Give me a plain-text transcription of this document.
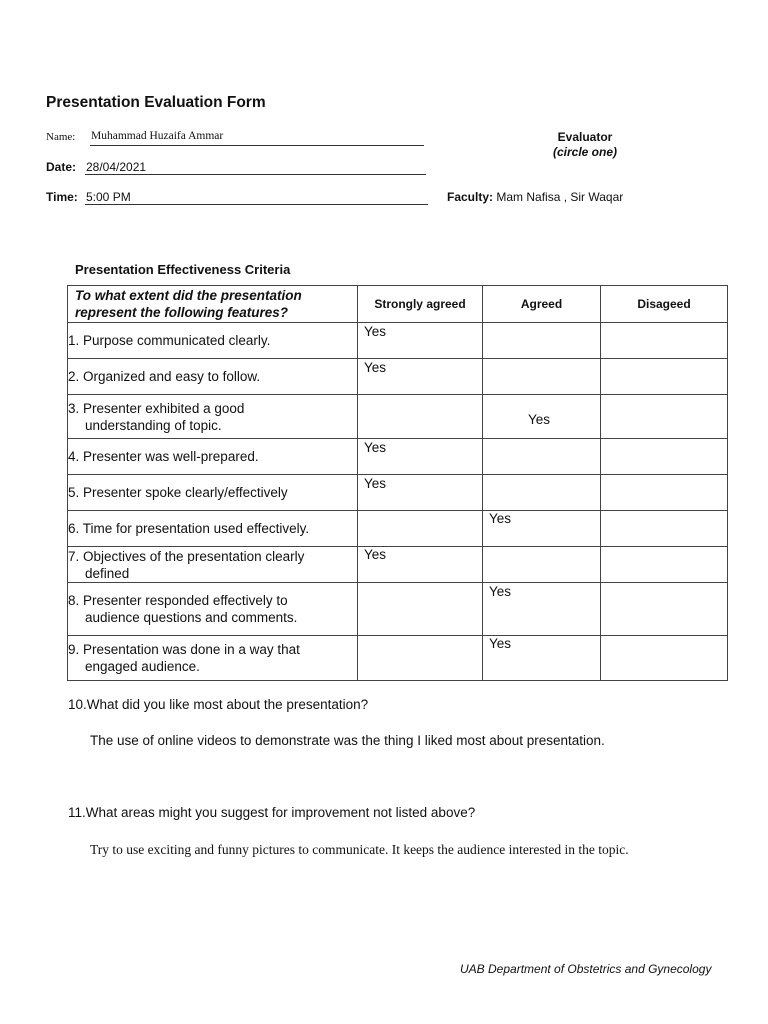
Presentation Evaluation Form
Name: Muhammad Huzaifa Ammar
Date: 28/04/2021
Time: 5:00 PM
Evaluator
(circle one)
Faculty: Mam Nafisa , Sir Waqar
Presentation Effectiveness Criteria
To what extent did the presentation represent the following features?	Strongly agreed	Agreed	Disageed
1. Purpose communicated clearly.	Yes		

2. Organized and easy to follow.	Yes		

3. Presenter exhibited a good
understanding of topic.		Yes	

4. Presenter was well-prepared.	Yes		

5. Presenter spoke clearly/effectively	Yes		

6. Time for presentation used effectively.		Yes	

7. Objectives of the presentation clearly
defined	Yes		

8. Presenter responded effectively to
audience questions and comments.		Yes	

9. Presentation was done in a way that
engaged audience.		Yes	

10.What did you like most about the presentation?
The use of online videos to demonstrate was the thing I liked most about presentation.
11.What areas might you suggest for improvement not listed above?
Try to use exciting and funny pictures to communicate. It keeps the audience interested in the topic.
UAB Department of Obstetrics and Gynecology
